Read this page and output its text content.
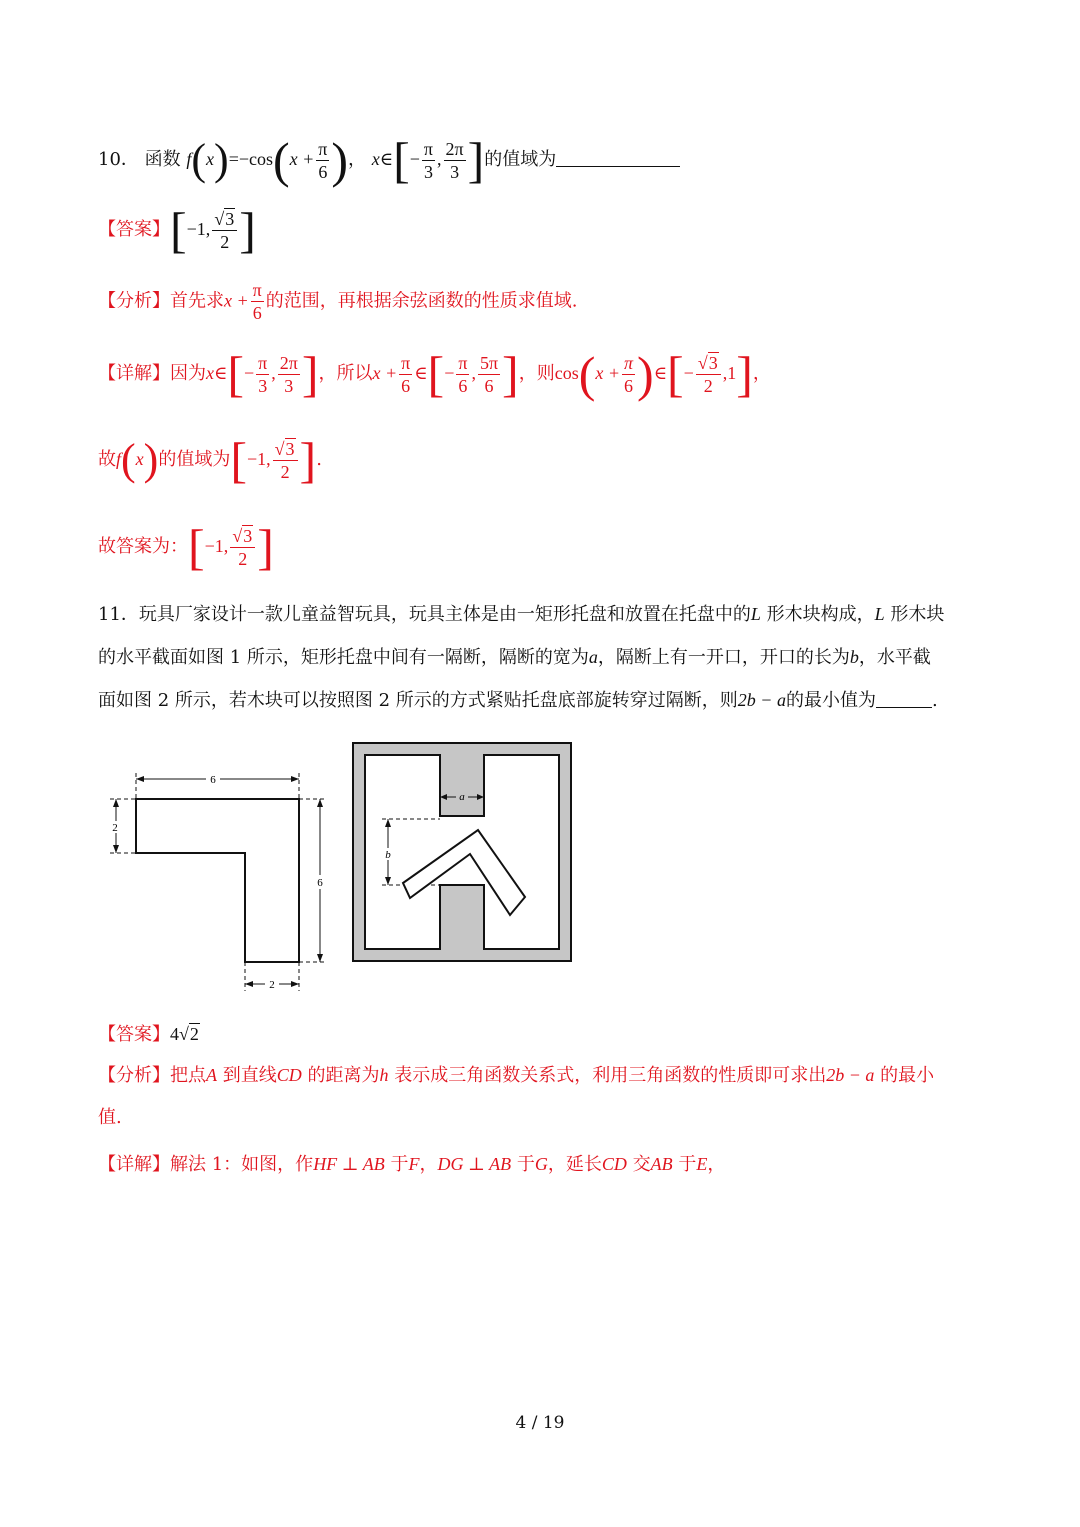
10． 函数 $f(x)=-\cos(x + \frac{\pi}{6}$ )， x∈[− $\frac{\pi}{3}$ , $\frac{2\pi}{3}$ ]的值域为
【答案】[−1, $\frac{√3}{2}$ ]
【分析】首先求$x + \frac{\pi}{6}$ 的范围，再根据余弦函数的性质求值域.
【详解】因为x∈[− $\frac{\pi}{3}$ , $\frac{2\pi}{3}$ ]，所以$x + \frac{\pi}{6}$ ∈[− $\frac{\pi}{6}$ , $\frac{5\pi}{6}$ ]，则$\cos(x + \frac{\pi}{6}$ )∈[− $\frac{√3}{2} ,1$]，
故f(x)的值域为[−1, $\frac{√3}{2}$ ].
故答案为：[−1, $\frac{√3}{2}$ ]
11．玩具厂家设计一款儿童益智玩具，玩具主体是由一矩形托盘和放置在托盘中的L 形木块构成，L 形木块
的水平截面如图 1 所示，矩形托盘中间有一隔断，隔断的宽为a，隔断上有一开口，开口的长为b，水平截
面如图 2 所示，若木块可以按照图 2 所示的方式紧贴托盘底部旋转穿过隔断，则2b − a的最小值为	.
6
2
6
2
a
b
【答案】4√2
【分析】把点A 到直线CD 的距离为h 表示成三角函数关系式，利用三角函数的性质即可求出2b − a 的最小
值.
【详解】解法 1：如图，作HF ⊥ AB 于F，DG ⊥ AB 于G，延长CD 交AB 于E，
4 / 19
